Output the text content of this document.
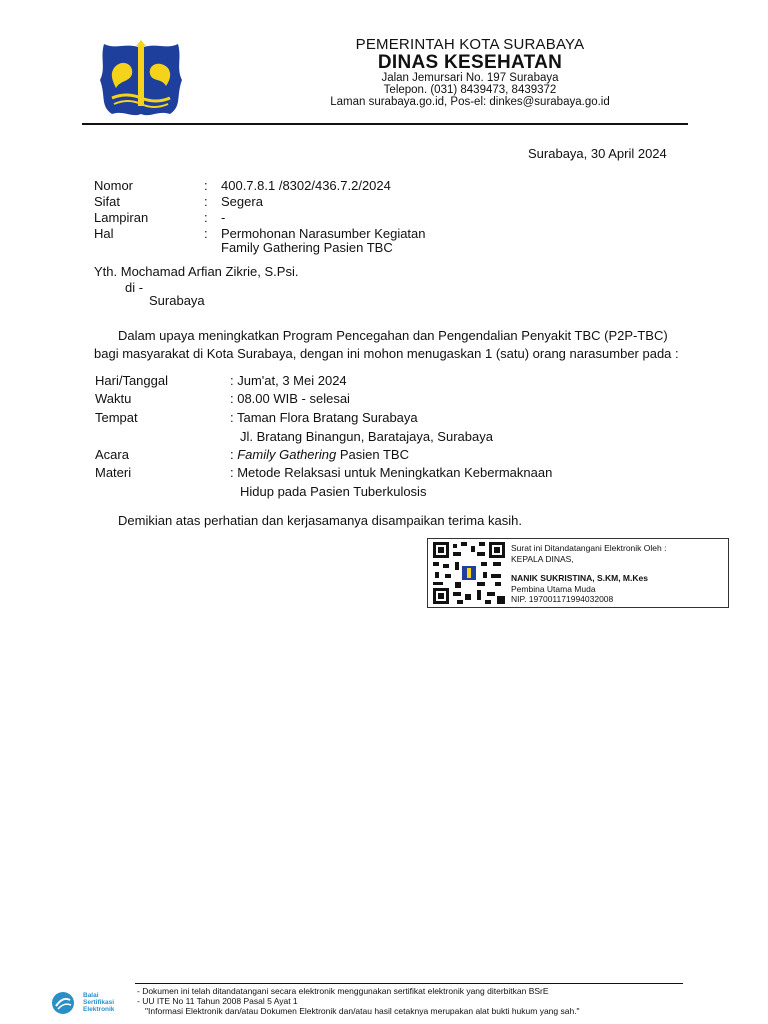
PEMERINTAH KOTA SURABAYA
DINAS KESEHATAN
Jalan Jemursari No. 197 Surabaya
Telepon. (031) 8439473, 8439372
Laman surabaya.go.id, Pos-el: dinkes@surabaya.go.id
Surabaya, 30 April 2024
Nomor	: 400.7.8.1 /8302/436.7.2/2024
Sifat	: Segera
Lampiran	: -
Hal	: Permohonan Narasumber Kegiatan
Family Gathering Pasien TBC
Yth. Mochamad Arfian Zikrie, S.Psi.
di -
Surabaya
Dalam upaya meningkatkan Program Pencegahan dan Pengendalian Penyakit TBC (P2P-TBC)
bagi masyarakat di Kota Surabaya, dengan ini mohon menugaskan 1 (satu) orang narasumber pada :
Hari/Tanggal	: Jum'at, 3 Mei 2024
Waktu	: 08.00 WIB - selesai
Tempat	: Taman Flora Bratang Surabaya
Jl. Bratang Binangun, Baratajaya, Surabaya
Acara	: Family Gathering Pasien TBC
Materi	: Metode Relaksasi untuk Meningkatkan Kebermaknaan
Hidup pada Pasien Tuberkulosis
Demikian atas perhatian dan kerjasamanya disampaikan terima kasih.
Surat ini Ditandatangani Elektronik Oleh :
KEPALA DINAS,
NANIK SUKRISTINA, S.KM, M.Kes
Pembina Utama Muda
NIP. 197001171994032008
Balai
Sertifikasi
Elektronik
- Dokumen ini telah ditandatangani secara elektronik menggunakan sertifikat elektronik yang diterbitkan BSrE
- UU ITE No 11 Tahun 2008 Pasal 5 Ayat 1
"Informasi Elektronik dan/atau Dokumen Elektronik dan/atau hasil cetaknya merupakan alat bukti hukum yang sah."
